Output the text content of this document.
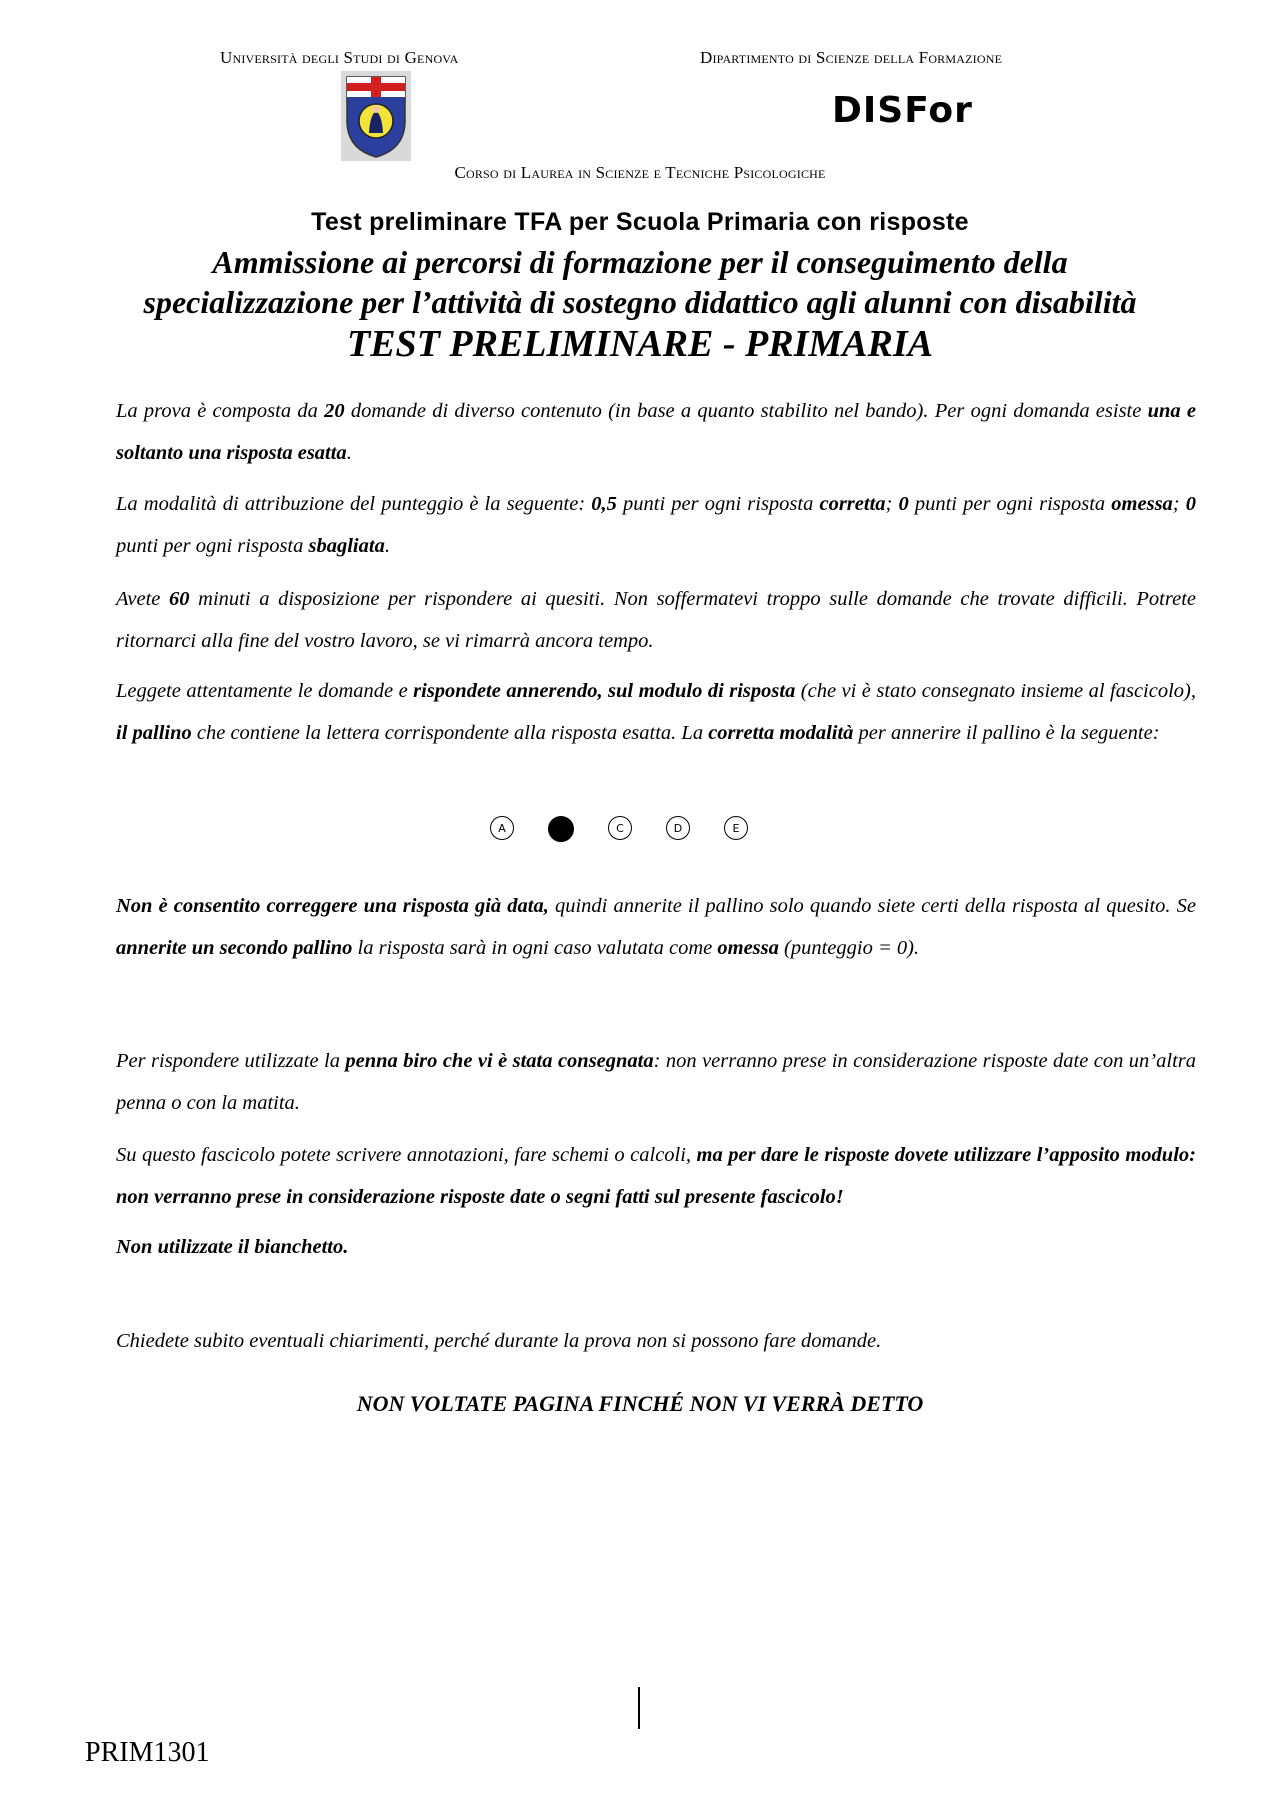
Università degli Studi di Genova	Dipartimento di Scienze della Formazione
DISFor
Corso di Laurea in Scienze e Tecniche Psicologiche
Test preliminare TFA per Scuola Primaria con risposte
Ammissione ai percorsi di formazione per il conseguimento della
specializzazione per l’attività di sostegno didattico agli alunni con disabilità
TEST PRELIMINARE - PRIMARIA
La prova è composta da 20 domande di diverso contenuto (in base a quanto stabilito nel bando). Per ogni domanda esiste una e soltanto una risposta esatta.
La modalità di attribuzione del punteggio è la seguente: 0,5 punti per ogni risposta corretta; 0 punti per ogni risposta omessa; 0 punti per ogni risposta sbagliata.
Avete 60 minuti a disposizione per rispondere ai quesiti. Non soffermatevi troppo sulle domande che trovate difficili. Potrete ritornarci alla fine del vostro lavoro, se vi rimarrà ancora tempo.
Leggete attentamente le domande e rispondete annerendo, sul modulo di risposta (che vi è stato consegnato insieme al fascicolo), il pallino che contiene la lettera corrispondente alla risposta esatta. La corretta modalità per annerire il pallino è la seguente:
A	C	D	E
Non è consentito correggere una risposta già data, quindi annerite il pallino solo quando siete certi della risposta al quesito. Se annerite un secondo pallino la risposta sarà in ogni caso valutata come omessa (punteggio = 0).
Per rispondere utilizzate la penna biro che vi è stata consegnata: non verranno prese in considerazione risposte date con un’altra penna o con la matita.
Su questo fascicolo potete scrivere annotazioni, fare schemi o calcoli, ma per dare le risposte dovete utilizzare l’apposito modulo: non verranno prese in considerazione risposte date o segni fatti sul presente fascicolo!
Non utilizzate il bianchetto.
Chiedete subito eventuali chiarimenti, perché durante la prova non si possono fare domande.
NON VOLTATE PAGINA FINCHÉ NON VI VERRÀ DETTO
PRIM1301
